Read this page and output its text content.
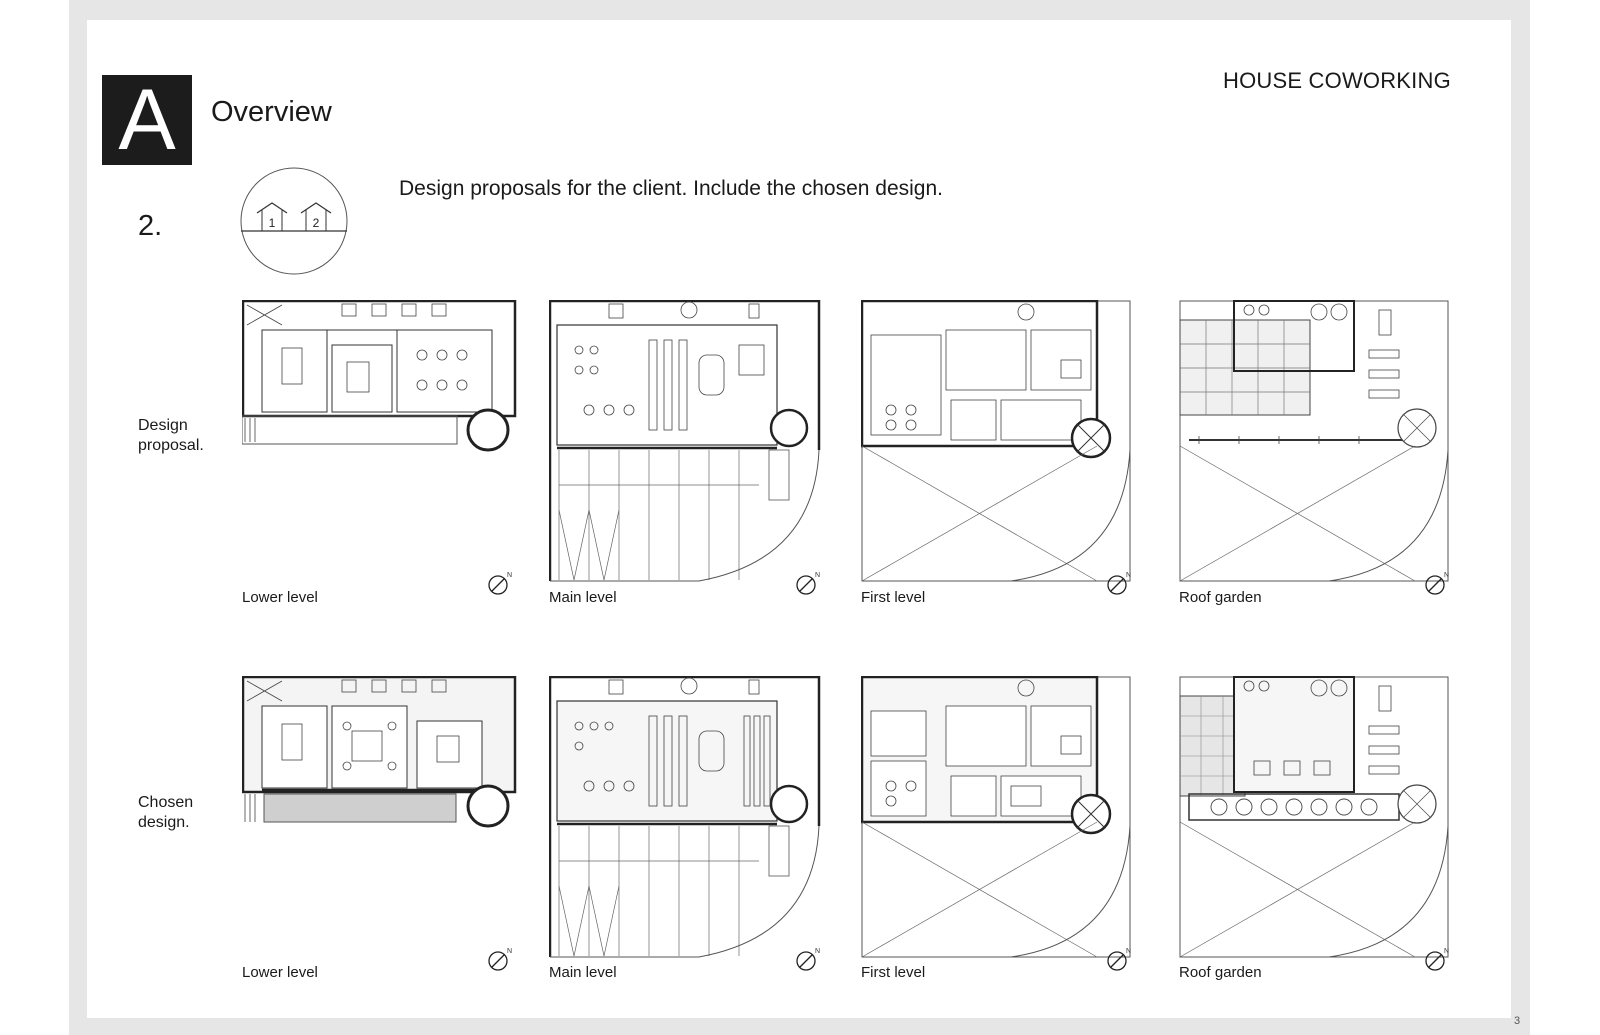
A	Overview
HOUSE COWORKING
2.	1	2
Design proposals for the client. Include the chosen design.
Design
proposal.
Chosen
design.
Lower level	Main level	First level	Roof garden
Lower level	Main level	First level	Roof garden
N	N	N	N
N	N	N	N
3
